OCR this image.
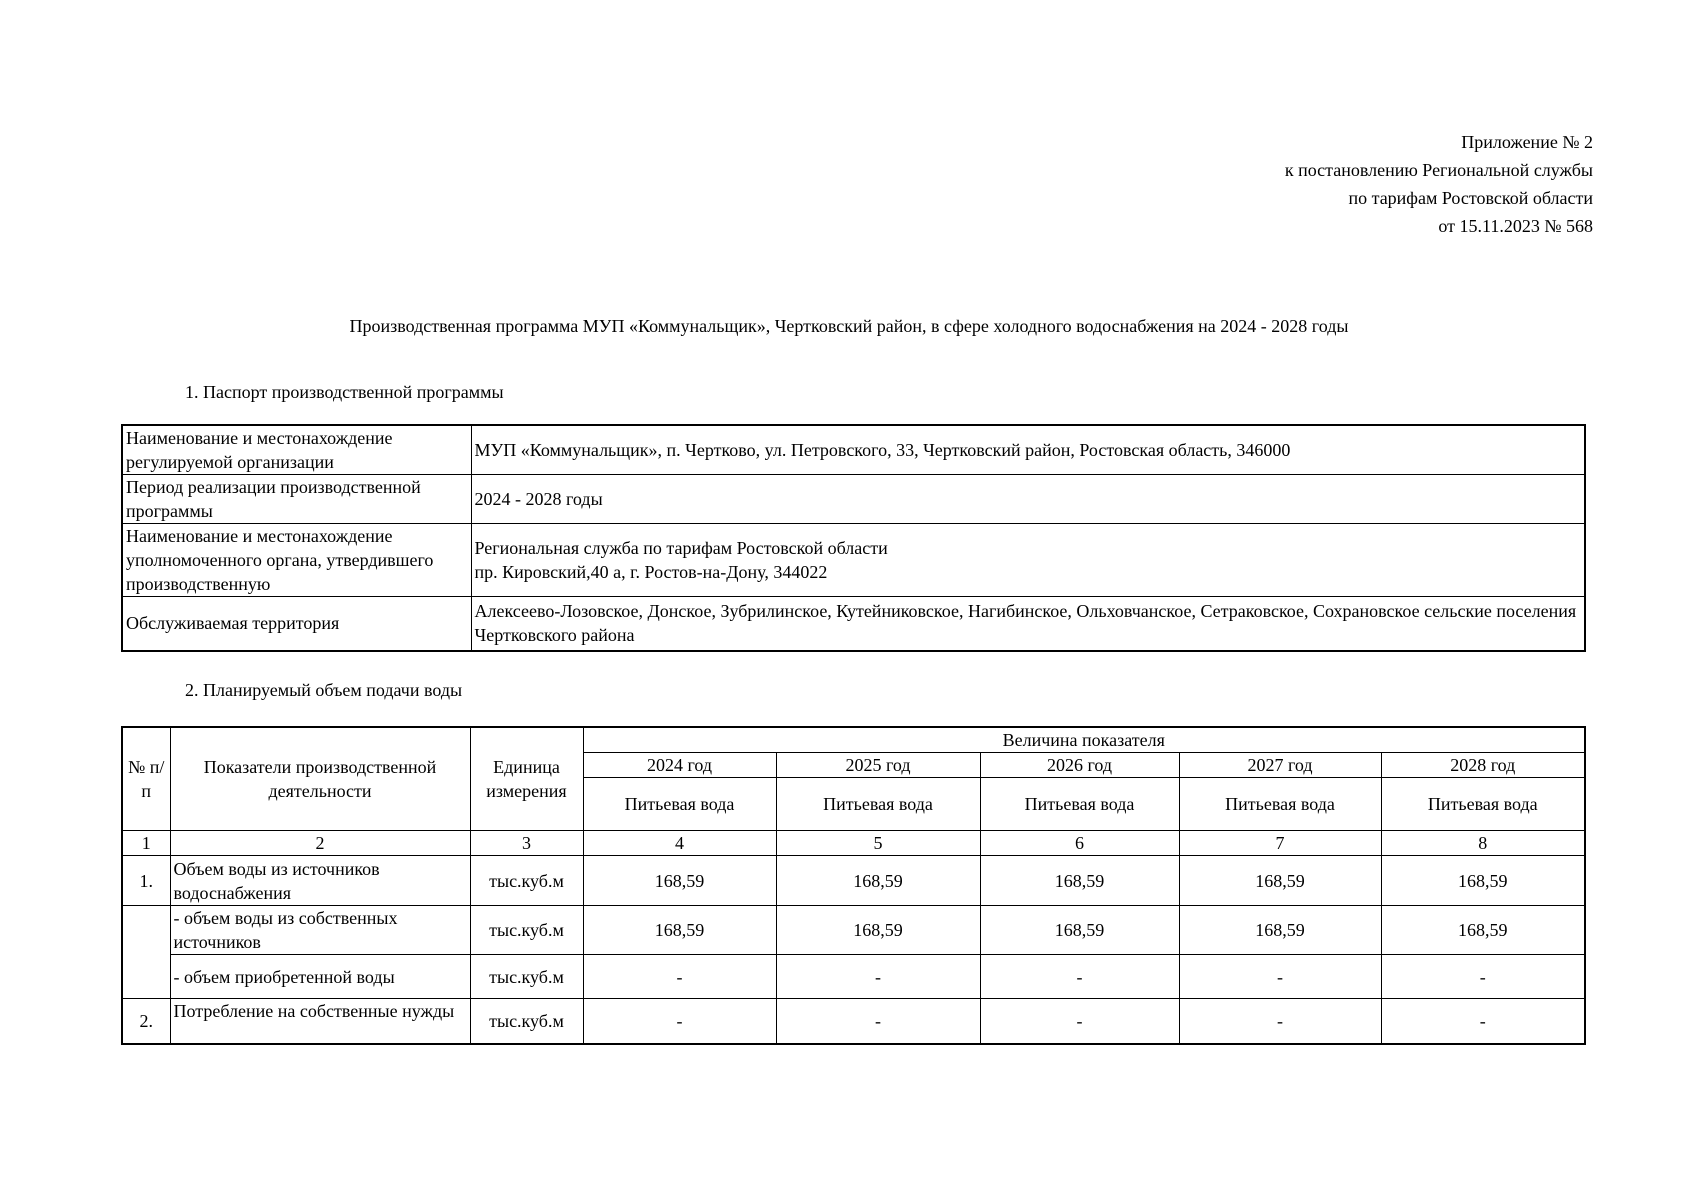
Приложение № 2
к постановлению Региональной службы
по тарифам Ростовской области
от 15.11.2023 № 568
Производственная программа МУП «Коммунальщик», Чертковский район, в сфере холодного водоснабжения на 2024 - 2028 годы
1. Паспорт производственной программы
Наименование и местонахождение регулируемой организации	МУП «Коммунальщик», п. Чертково, ул. Петровского, 33, Чертковский район, Ростовская область, 346000

Период реализации производственной программы	2024 - 2028 годы

Наименование и местонахождение уполномоченного органа, утвердившего производственную	Региональная служба по тарифам Ростовской области
пр. Кировский,40 а, г. Ростов-на-Дону, 344022

Обслуживаемая территория	Алексеево-Лозовское, Донское, Зубрилинское, Кутейниковское, Нагибинское, Ольховчанское, Сетраковское, Сохрановское сельские поселения Чертковского района
2. Планируемый объем подачи воды
№ п/п	Показатели производственной деятельности	Единица измерения	Величина показателя				
			2024 год	2025 год	2026 год	2027 год	2028 год
			Питьевая вода	Питьевая вода	Питьевая вода	Питьевая вода	Питьевая вода
1	2	3	4	5	6	7	8
1.	Объем воды из источников водоснабжения	тыс.куб.м	168,59	168,59	168,59	168,59	168,59
	- объем воды из собственных источников	тыс.куб.м	168,59	168,59	168,59	168,59	168,59
	- объем приобретенной воды	тыс.куб.м	-	-	-	-	-
2.	Потребление на собственные нужды	тыс.куб.м	-	-	-	-	-
